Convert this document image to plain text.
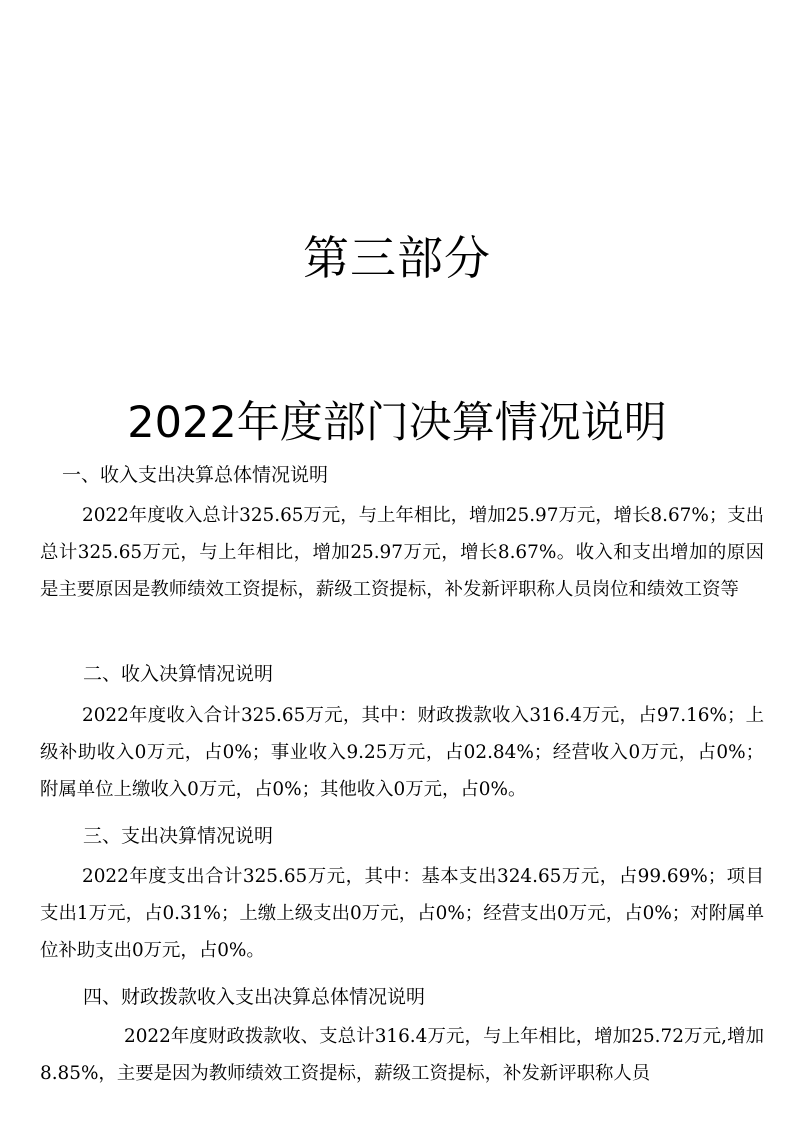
第三部分
2022年度部门决算情况说明
一、收入支出决算总体情况说明

2022年度收入总计325.65万元，与上年相比，增加25.97万元，增长8.67%；支出总计325.65万元，与上年相比，增加25.97万元，增长8.67%。收入和支出增加的原因是主要原因是教师绩效工资提标，薪级工资提标，补发新评职称人员岗位和绩效工资等

二、收入决算情况说明

2022年度收入合计325.65万元，其中：财政拨款收入316.4万元，占97.16%；上级补助收入0万元，占0%；事业收入9.25万元，占02.84%；经营收入0万元，占0%；附属单位上缴收入0万元，占0%；其他收入0万元，占0%。

三、支出决算情况说明

2022年度支出合计325.65万元，其中：基本支出324.65万元，占99.69%；项目支出1万元，占0.31%；上缴上级支出0万元，占0%；经营支出0万元，占0%；对附属单位补助支出0万元，占0%。

四、财政拨款收入支出决算总体情况说明

2022年度财政拨款收、支总计316.4万元，与上年相比，增加25.72万元,增加8.85%，主要是因为教师绩效工资提标，薪级工资提标，补发新评职称人员
